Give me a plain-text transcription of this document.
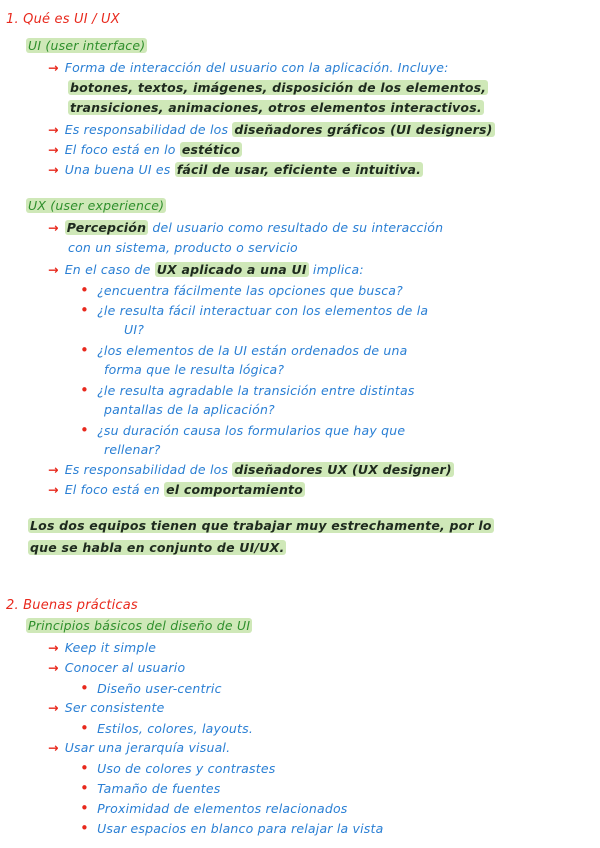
1. Qué es UI / UX
UI (user interface)
→ Forma de interacción del usuario con la aplicación. Incluye:
botones, textos, imágenes, disposición de los elementos,
transiciones, animaciones, otros elementos interactivos.
→ Es responsabilidad de los diseñadores gráficos (UI designers)
→ El foco está en lo estético
→ Una buena UI es fácil de usar, eficiente e intuitiva.
UX (user experience)
→ Percepción del usuario como resultado de su interacción
con un sistema, producto o servicio
→ En el caso de UX aplicado a una UI implica:
• ¿encuentra fácilmente las opciones que busca?
• ¿le resulta fácil interactuar con los elementos de la
UI?
• ¿los elementos de la UI están ordenados de una
forma que le resulta lógica?
• ¿le resulta agradable la transición entre distintas
pantallas de la aplicación?
• ¿su duración causa los formularios que hay que
rellenar?
→ Es responsabilidad de los diseñadores UX (UX designer)
→ El foco está en el comportamiento
Los dos equipos tienen que trabajar muy estrechamente, por lo
que se habla en conjunto de UI/UX.
2. Buenas prácticas
Principios básicos del diseño de UI
→ Keep it simple
→ Conocer al usuario
• Diseño user-centric
→ Ser consistente
• Estilos, colores, layouts.
→ Usar una jerarquía visual.
• Uso de colores y contrastes
• Tamaño de fuentes
• Proximidad de elementos relacionados
• Usar espacios en blanco para relajar la vista
